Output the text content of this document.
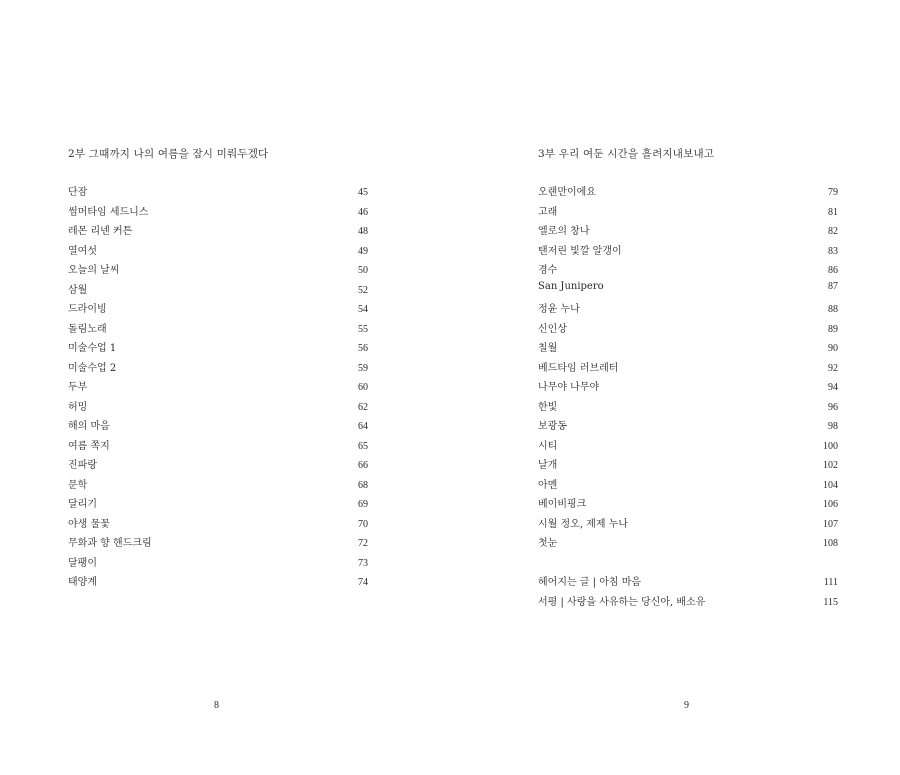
2부 그때까지 나의 여름을 잠시 미뤄두겠다
단잠	45
썸머타임 세드니스	46
레몬 리넨 커튼	48
열여섯	49
오늘의 날씨	50
삼월	52
드라이빙	54
돌림노래	55
미술수업 1	56
미술수업 2	59
두부	60
허밍	62
해의 마음	64
여름 쪽지	65
진파랑	66
문학	68
달리기	69
야생 물꽃	70
무화과 향 핸드크림	72
달팽이	73
태양계	74
8
3부 우리 여둔 시간을 흘려지내보내고
오랜만이에요	79
고래	81
엘로의 창나	82
탠저린 빛깔 알갱이	83
경수	86
San Junipero	87
정윤 누나	88
신인상	89
칠월	90
베드타임 러브레터	92
나무야 나무야	94
한빛	96
보광동	98
시티	100
날개	102
아멘	104
베이비핑크	106
시월 정오, 제제 누나	107
첫눈	108
헤어지는 글 | 아침 마음	111
서평 | 사랑을 사유하는 당신아, 배소유	115
9
